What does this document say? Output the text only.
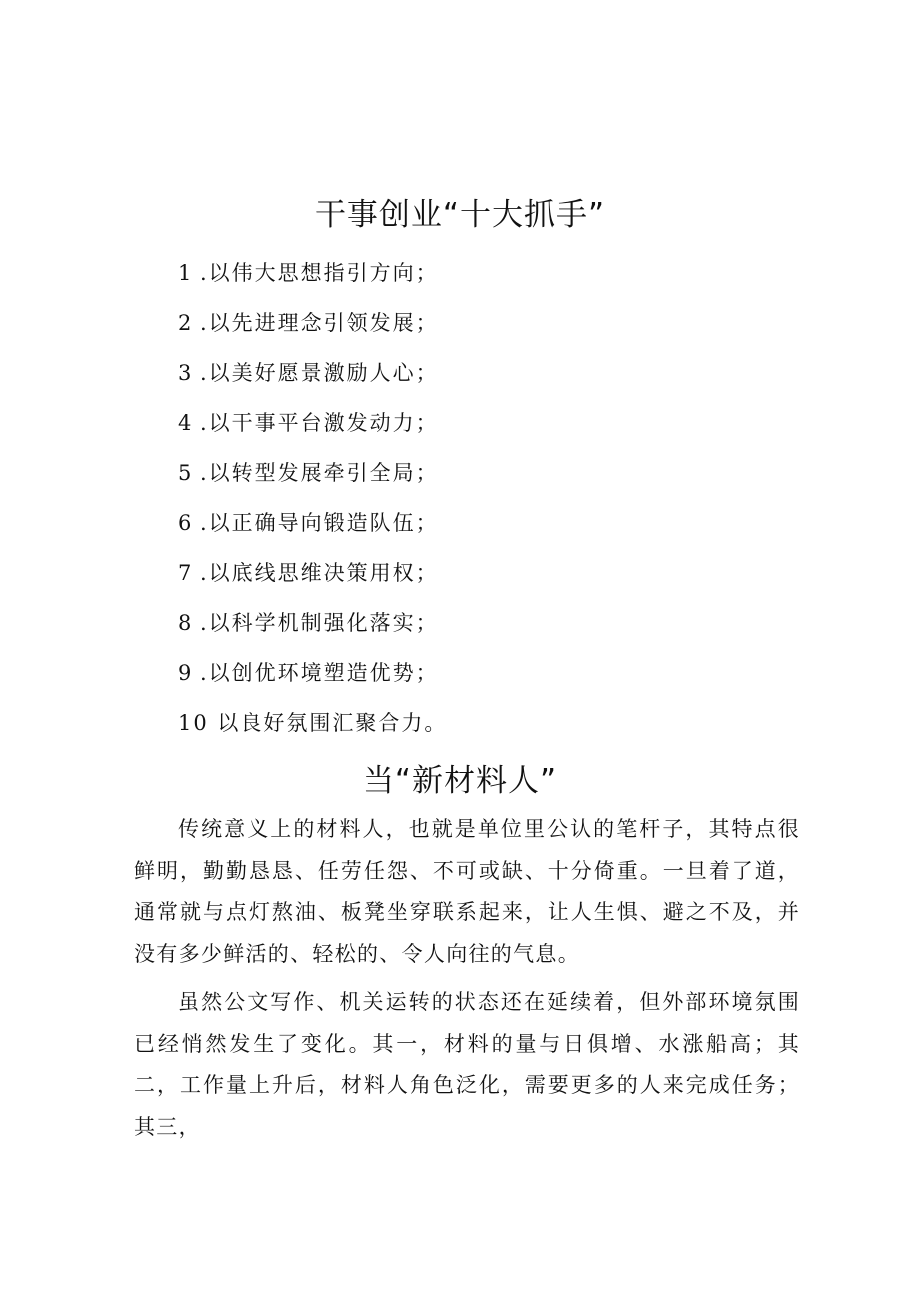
干事创业“十大抓手”
1 .以伟大思想指引方向；
2 .以先进理念引领发展；
3 .以美好愿景激励人心；
4 .以干事平台激发动力；
5 .以转型发展牵引全局；
6 .以正确导向锻造队伍；
7 .以底线思维决策用权；
8 .以科学机制强化落实；
9 .以创优环境塑造优势；
10 以良好氛围汇聚合力。
当“新材料人”

传统意义上的材料人，也就是单位里公认的笔杆子，其特点很鲜明，勤勤恳恳、任劳任怨、不可或缺、十分倚重。一旦着了道，通常就与点灯熬油、板凳坐穿联系起来，让人生惧、避之不及，并没有多少鲜活的、轻松的、令人向往的气息。

虽然公文写作、机关运转的状态还在延续着，但外部环境氛围已经悄然发生了变化。其一，材料的量与日俱增、水涨船高；其二，工作量上升后，材料人角色泛化，需要更多的人来完成任务；其三，
